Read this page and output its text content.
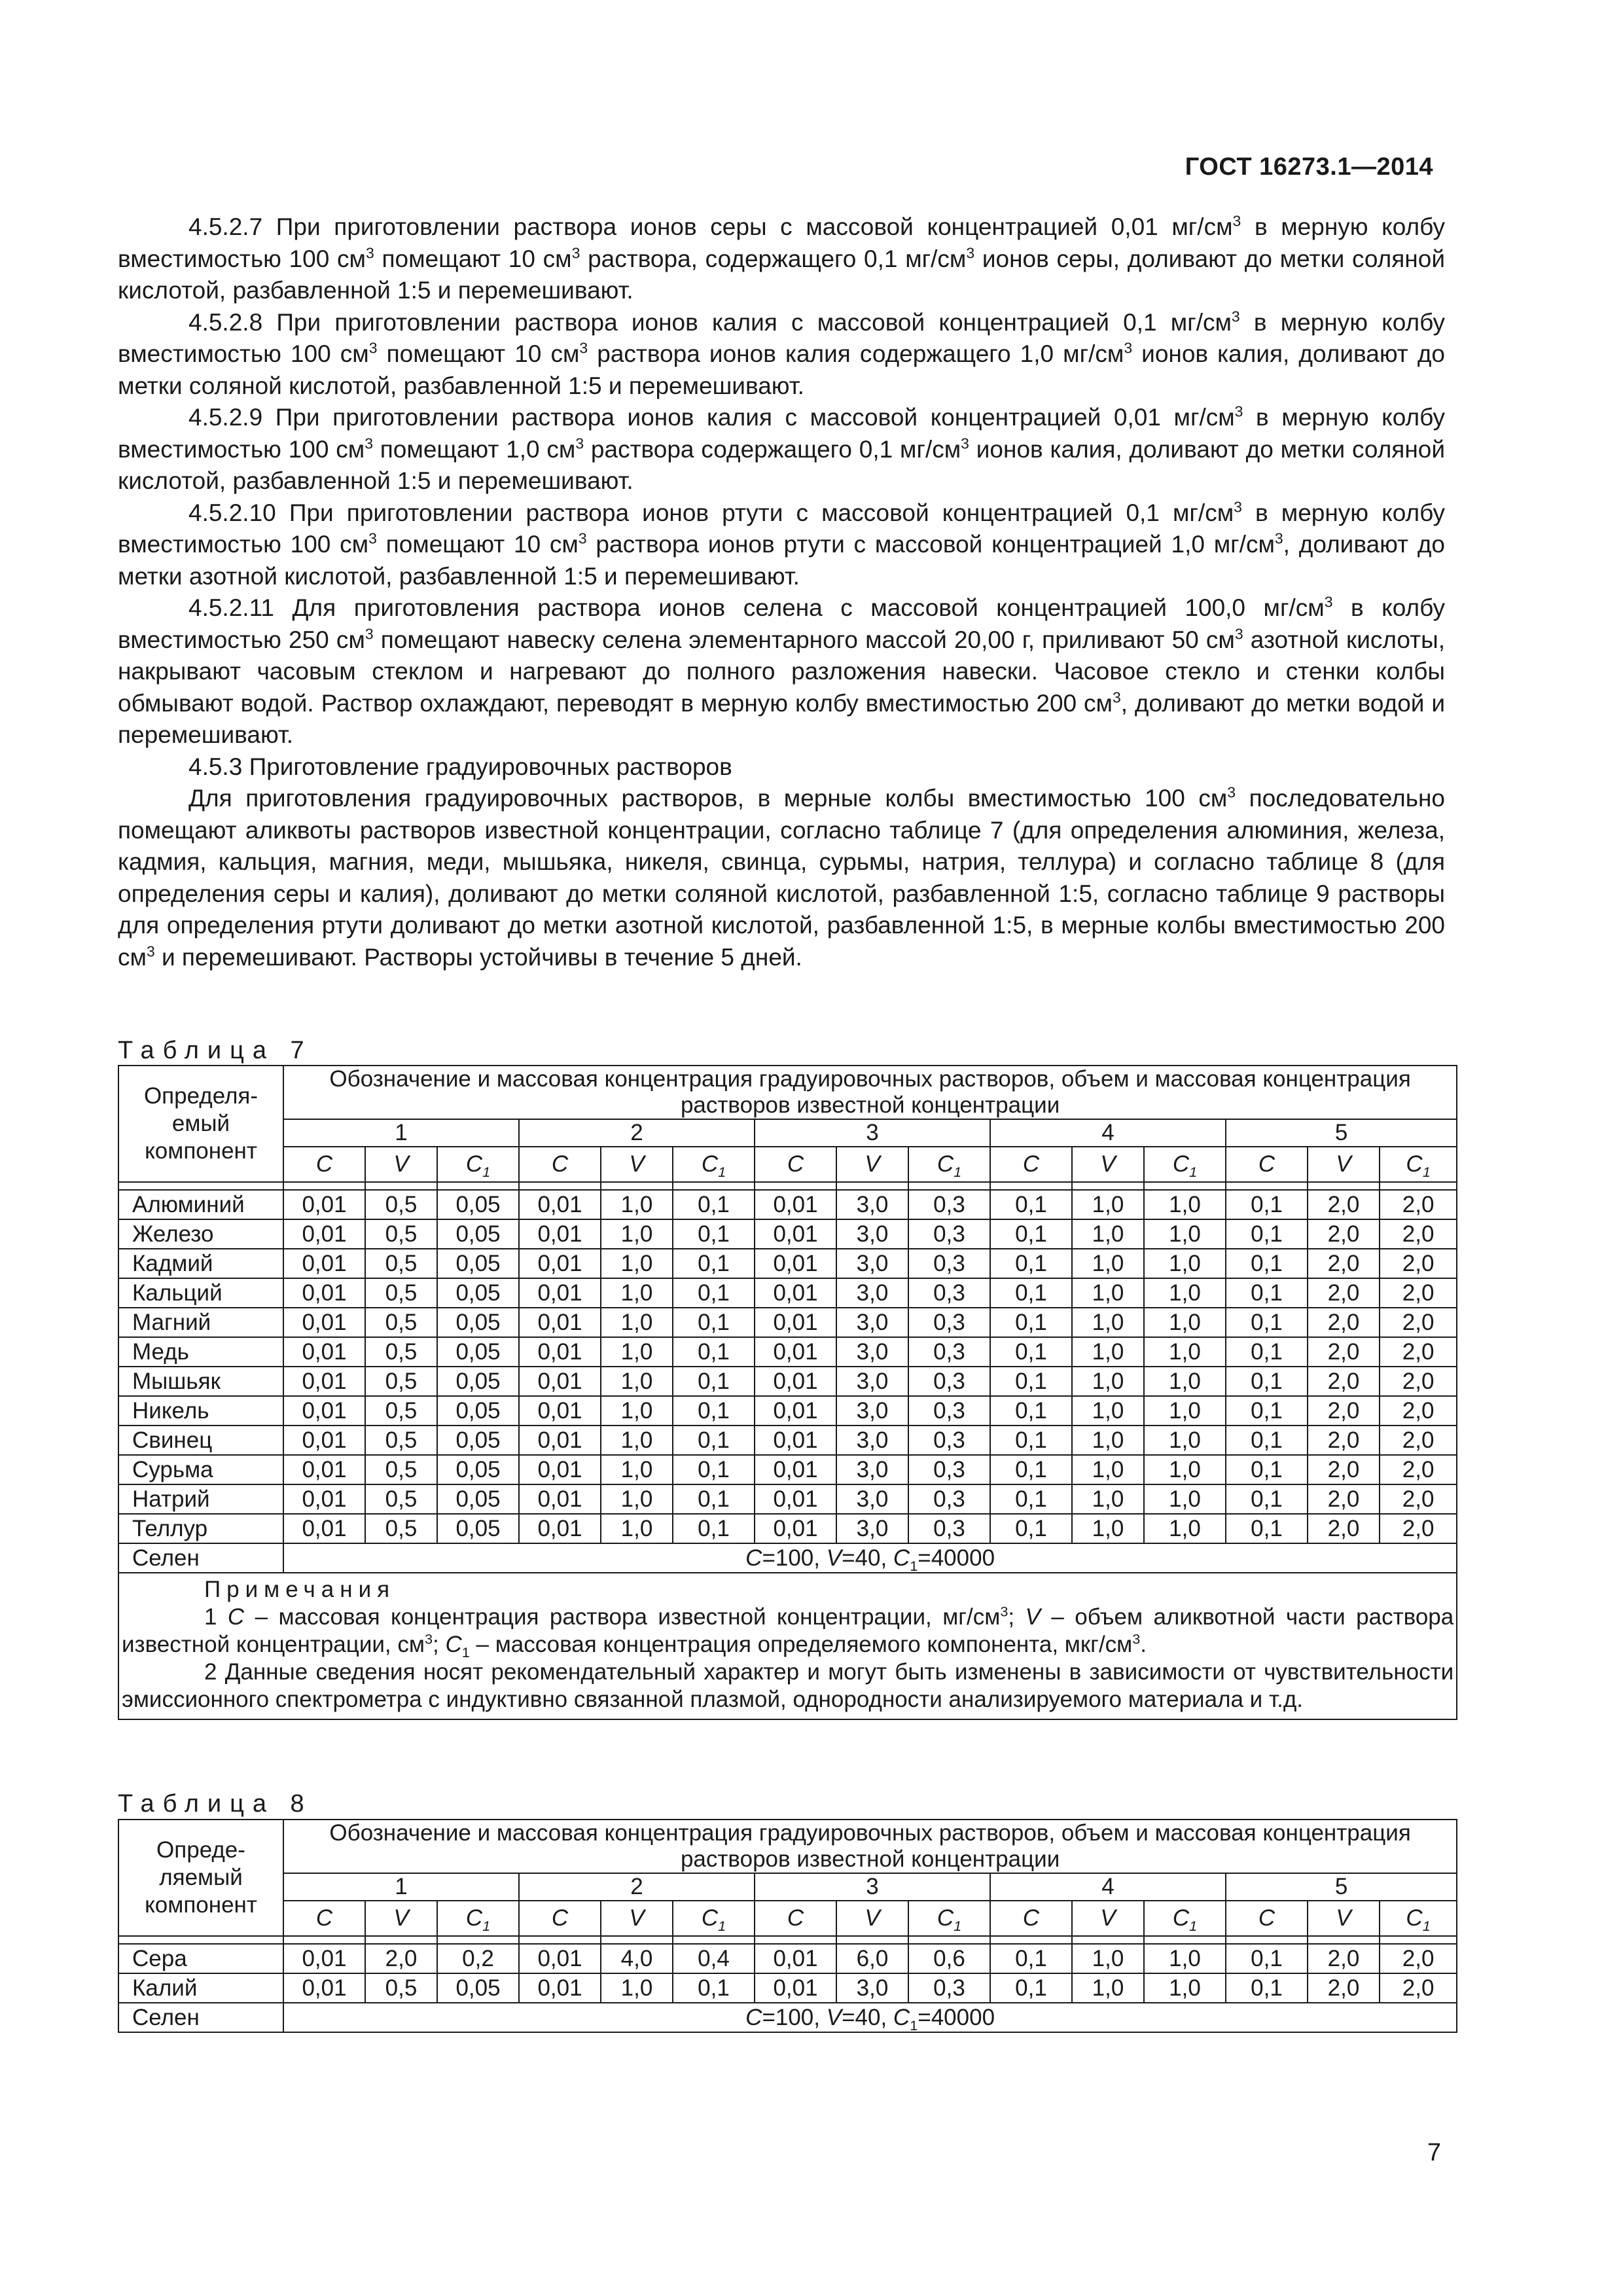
ГОСТ 16273.1—2014

4.5.2.7 При приготовлении раствора ионов серы с массовой концентрацией 0,01 $мг/см^3$ в мерную колбу вместимостью 100 $см^3$ помещают 10 $см^3$ раствора, содержащего 0,1 $мг/см^3$ ионов серы, доливают до метки соляной кислотой, разбавленной 1:5 и перемешивают.

4.5.2.8 При приготовлении раствора ионов калия с массовой концентрацией 0,1 $мг/см^3$ в мерную колбу вместимостью 100 $см^3$ помещают 10 $см^3$ раствора ионов калия содержащего 1,0 $мг/см^3$ ионов калия, доливают до метки соляной кислотой, разбавленной 1:5 и перемешивают.

4.5.2.9 При приготовлении раствора ионов калия с массовой концентрацией 0,01 $мг/см^3$ в мерную колбу вместимостью 100 $см^3$ помещают 1,0 $см^3$ раствора содержащего 0,1 $мг/см^3$ ионов калия, доливают до метки соляной кислотой, разбавленной 1:5 и перемешивают.

4.5.2.10 При приготовлении раствора ионов ртути с массовой концентрацией 0,1 $мг/см^3$ в мерную колбу вместимостью 100 $см^3$ помещают 10 $см^3$ раствора ионов ртути с массовой концентрацией 1,0 $мг/см^3$, доливают до метки азотной кислотой, разбавленной 1:5 и перемешивают.

4.5.2.11 Для приготовления раствора ионов селена с массовой концентрацией 100,0 $мг/см^3$ в колбу вместимостью 250 $см^3$ помещают навеску селена элементарного массой 20,00 г, приливают 50 $см^3$ азотной кислоты, накрывают часовым стеклом и нагревают до полного разложения навески. Часовое стекло и стенки колбы обмывают водой. Раствор охлаждают, переводят в мерную колбу вместимостью 200 $см^3$, доливают до метки водой и перемешивают.

4.5.3 Приготовление градуировочных растворов

Для приготовления градуировочных растворов, в мерные колбы вместимостью 100 $см^3$ последовательно помещают аликвоты растворов известной концентрации, согласно таблице 7 (для определения алюминия, железа, кадмия, кальция, магния, меди, мышьяка, никеля, свинца, сурьмы, натрия, теллура) и согласно таблице 8 (для определения серы и калия), доливают до метки соляной кислотой, разбавленной 1:5, согласно таблице 9 растворы для определения ртути доливают до метки азотной кислотой, разбавленной 1:5, в мерные колбы вместимостью 200 $см^3$ и перемешивают. Растворы устойчивы в течение 5 дней.

Таблица 7
Определя-
емый
компонент	Обозначение и массовая концентрация градуировочных растворов, объем и массовая концентрация растворов известной концентрации														
	1			2			3			4			5		
	C	V	$C_1$	C	V	$C_1$	C	V	$C_1$	C	V	$C_1$	C	V	$C_1$

Алюминий	0,01	0,5	0,05	0,01	1,0	0,1	0,01	3,0	0,3	0,1	1,0	1,0	0,1	2,0	2,0
Железо	0,01	0,5	0,05	0,01	1,0	0,1	0,01	3,0	0,3	0,1	1,0	1,0	0,1	2,0	2,0
Кадмий	0,01	0,5	0,05	0,01	1,0	0,1	0,01	3,0	0,3	0,1	1,0	1,0	0,1	2,0	2,0
Кальций	0,01	0,5	0,05	0,01	1,0	0,1	0,01	3,0	0,3	0,1	1,0	1,0	0,1	2,0	2,0
Магний	0,01	0,5	0,05	0,01	1,0	0,1	0,01	3,0	0,3	0,1	1,0	1,0	0,1	2,0	2,0
Медь	0,01	0,5	0,05	0,01	1,0	0,1	0,01	3,0	0,3	0,1	1,0	1,0	0,1	2,0	2,0
Мышьяк	0,01	0,5	0,05	0,01	1,0	0,1	0,01	3,0	0,3	0,1	1,0	1,0	0,1	2,0	2,0
Никель	0,01	0,5	0,05	0,01	1,0	0,1	0,01	3,0	0,3	0,1	1,0	1,0	0,1	2,0	2,0
Свинец	0,01	0,5	0,05	0,01	1,0	0,1	0,01	3,0	0,3	0,1	1,0	1,0	0,1	2,0	2,0
Сурьма	0,01	0,5	0,05	0,01	1,0	0,1	0,01	3,0	0,3	0,1	1,0	1,0	0,1	2,0	2,0
Натрий	0,01	0,5	0,05	0,01	1,0	0,1	0,01	3,0	0,3	0,1	1,0	1,0	0,1	2,0	2,0
Теллур	0,01	0,5	0,05	0,01	1,0	0,1	0,01	3,0	0,3	0,1	1,0	1,0	0,1	2,0	2,0
Селен	C=100, V=40, $C_1=40000$														

Примечания

1 C – массовая концентрация раствора известной концентрации, $мг/см^3$; V – объем аликвотной части раствора известной концентрации, $см^3$; $C_1$ – массовая концентрация определяемого компонента, мкг/$см^3$.

2 Данные сведения носят рекомендательный характер и могут быть изменены в зависимости от чувствительности эмиссионного спектрометра с индуктивно связанной плазмой, однородности анализируемого материала и т.д.															

Таблица 8
Опреде-
ляемый
компонент	Обозначение и массовая концентрация градуировочных растворов, объем и массовая концентрация растворов известной концентрации														
	1			2			3			4			5		
	C	V	$C_1$	C	V	$C_1$	C	V	$C_1$	C	V	$C_1$	C	V	$C_1$

Сера	0,01	2,0	0,2	0,01	4,0	0,4	0,01	6,0	0,6	0,1	1,0	1,0	0,1	2,0	2,0
Калий	0,01	0,5	0,05	0,01	1,0	0,1	0,01	3,0	0,3	0,1	1,0	1,0	0,1	2,0	2,0
Селен	C=100, V=40, $C_1=40000$														
7
